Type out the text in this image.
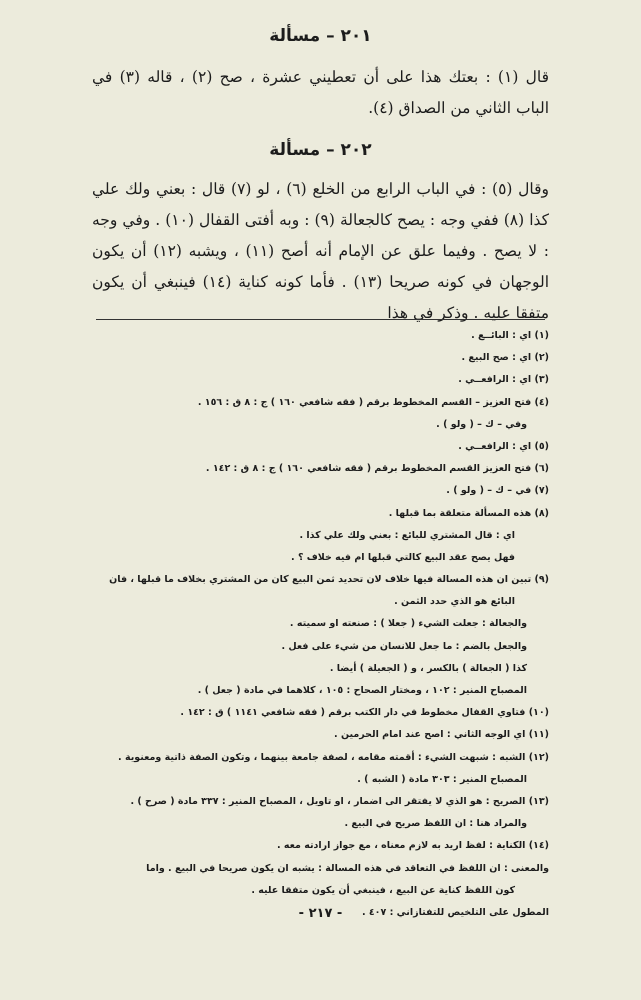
٢٠١ – مسألة
قال (١) : بعتك هذا على أن تعطيني عشرة ، صح (٢) ، قاله (٣) في الباب الثاني من الصداق (٤).
٢٠٢ – مسألة
وقال (٥) : في الباب الرابع من الخلع (٦) ، لو (٧) قال : بعني ولك علي كذا (٨) ففي وجه : يصح كالجعالة (٩) : وبه أفتى القفال (١٠) . وفي وجه : لا يصح . وفيما علق عن الإمام أنه أصح (١١) ، ويشبه (١٢) أن يكون الوجهان في كونه صريحا (١٣) . فأما كونه كناية (١٤) فينبغي أن يكون متفقا عليه . وذكر في هذا
(١) اي : البائــع .
(٢) اي : صح البيع .
(٣) اي : الرافعــي .
(٤) فتح العزيز – القسم المخطوط برقم ( فقه شافعي ١٦٠ ) ج : ٨ ق : ١٥٦ .
وفي – ك – ( ولو ) .
(٥) اي : الرافعــي .
(٦) فتح العزيز القسم المخطوط برقم ( فقه شافعي ١٦٠ ) ج : ٨ ق : ١٤٢ .
(٧) في – ك – ( ولو ) .
(٨) هذه المسألة متعلقة بما قبلها .
اي : قال المشتري للبائع : بعني ولك علي كذا .
فهل يصح عقد البيع كالتي قبلها ام فيه خلاف ؟ .
(٩) تبين ان هذه المسالة فيها خلاف لان تحديد ثمن البيع كان من المشتري بخلاف ما قبلها ، فان
البائع هو الذي حدد الثمن .
والجعالة : جعلت الشيء ( جعلا ) : صنعته او سميته .
والجعل بالضم : ما جعل للانسان من شيء على فعل .
كذا ( الجعالة ) بالكسر ، و ( الجعيلة ) أيضا .
المصباح المنير : ١٠٢ ، ومختار الصحاح : ١٠٥ ، كلاهما في مادة ( جعل ) .
(١٠) فتاوي القفال مخطوط في دار الكتب برقم ( فقه شافعي ١١٤١ ) ق : ١٤٢ .
(١١) اي الوجه الثاني : اصح عند امام الحرمين .
(١٢) الشبه : شبهت الشيء : أقمته مقامه ، لصفة جامعة بينهما ، وتكون الصفة ذاتية ومعنوية .
المصباح المنير : ٣٠٣ مادة ( الشبه ) .
(١٣) الصريح : هو الذي لا يفتقر الى اضمار ، او تاويل ، المصباح المنير : ٣٣٧ مادة ( صرح ) .
والمراد هنا : ان اللفظ صريح في البيع .
(١٤) الكناية : لفظ اريد به لازم معناه ، مع جواز ارادته معه .
والمعنى : ان اللفظ في التعاقد في هذه المسالة : يشبه ان يكون صريحا في البيع . واما
كون اللفظ كناية عن البيع ، فينبغي أن يكون متفقا عليه .
المطول على التلخيص للتفتازاني : ٤٠٧ .
- ٢١٧ -
